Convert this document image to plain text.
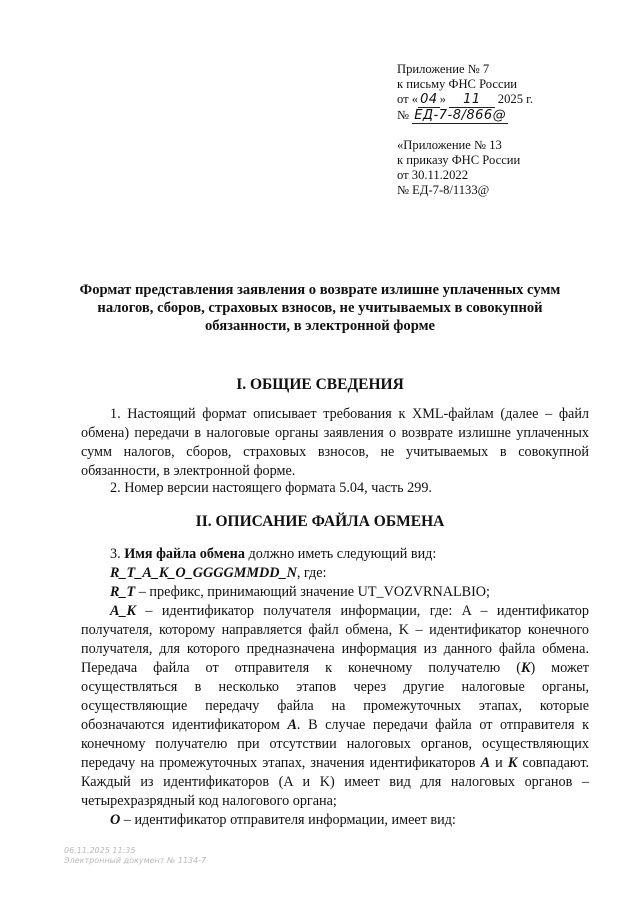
Приложение № 7
к письму ФНС России
от « 04 » 11 2025 г.
№ ЕД-7-8/866@
«Приложение № 13
к приказу ФНС России
от 30.11.2022
№ ЕД-7-8/1133@
Формат представления заявления о возврате излишне уплаченных сумм
налогов, сборов, страховых взносов, не учитываемых в совокупной
обязанности, в электронной форме
I. ОБЩИЕ СВЕДЕНИЯ

1. Настоящий формат описывает требования к XML-файлам (далее – файл обмена) передачи в налоговые органы заявления о возврате излишне уплаченных сумм налогов, сборов, страховых взносов, не учитываемых в совокупной обязанности, в электронной форме.

2. Номер версии настоящего формата 5.04, часть 299.

II. ОПИСАНИЕ ФАЙЛА ОБМЕНА

3. Имя файла обмена должно иметь следующий вид:

R_T_A_K_O_GGGGMMDD_N, где:

R_T – префикс, принимающий значение UT_VOZVRNALBIO;

A_K – идентификатор получателя информации, где: A – идентификатор получателя, которому направляется файл обмена, K – идентификатор конечного получателя, для которого предназначена информация из данного файла обмена. Передача файла от отправителя к конечному получателю (K) может осуществляться в несколько этапов через другие налоговые органы, осуществляющие передачу файла на промежуточных этапах, которые обозначаются идентификатором A. В случае передачи файла от отправителя к конечному получателю при отсутствии налоговых органов, осуществляющих передачу на промежуточных этапах, значения идентификаторов A и K совпадают. Каждый из идентификаторов (A и K) имеет вид для налоговых органов – четырехразрядный код налогового органа;

O – идентификатор отправителя информации, имеет вид:

06.11.2025 11:35
Электронный документ № 1134-7
